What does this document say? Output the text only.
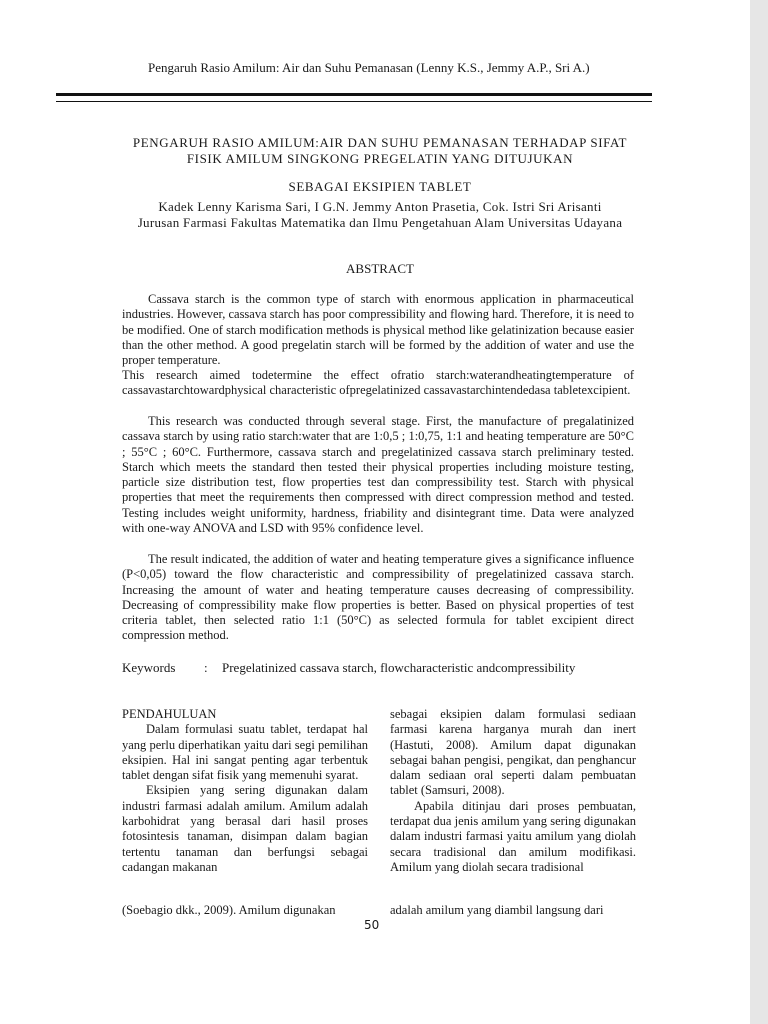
Pengaruh Rasio Amilum: Air dan Suhu Pemanasan (Lenny K.S., Jemmy A.P., Sri A.)
PENGARUH RASIO AMILUM:AIR DAN SUHU PEMANASAN TERHADAP SIFAT FISIK AMILUM SINGKONG PREGELATIN YANG DITUJUKAN
SEBAGAI EKSIPIEN TABLET
Kadek Lenny Karisma Sari, I G.N. Jemmy Anton Prasetia, Cok. Istri Sri Arisanti
Jurusan Farmasi Fakultas Matematika dan Ilmu Pengetahuan Alam Universitas Udayana
ABSTRACT
Cassava starch is the common type of starch with enormous application in pharmaceutical industries. However, cassava starch has poor compressibility and flowing hard. Therefore, it is need to be modified. One of starch modification methods is physical method like gelatinization because easier than the other method. A good pregelatin starch will be formed by the addition of water and use the proper temperature.
This research aimed todetermine the effect ofratio starch:waterandheatingtemperature of cassavastarchtowardphysical characteristic ofpregelatinized cassavastarchintendedasa tabletexcipient.
This research was conducted through several stage. First, the manufacture of pregalatinized cassava starch by using ratio starch:water that are 1:0,5 ; 1:0,75, 1:1 and heating temperature are 50°C ; 55°C ; 60°C. Furthermore, cassava starch and pregelatinized cassava starch preliminary tested. Starch which meets the standard then tested their physical properties including moisture testing, particle size distribution test, flow properties test dan compressibility test. Starch with physical properties that meet the requirements then compressed with direct compression method and tested. Testing includes weight uniformity, hardness, friability and disintegrant time. Data were analyzed with one-way ANOVA and LSD with 95% confidence level.
The result indicated, the addition of water and heating temperature gives a significance influence (P<0,05) toward the flow characteristic and compressibility of pregelatinized cassava starch. Increasing the amount of water and heating temperature causes decreasing of compressibility. Decreasing of compressibility make flow properties is better. Based on physical properties of test criteria tablet, then selected ratio 1:1 (50°C) as selected formula for tablet excipient direct compression method.
Keywords : Pregelatinized cassava starch, flowcharacteristic andcompressibility
PENDAHULUAN
Dalam formulasi suatu tablet, terdapat hal yang perlu diperhatikan yaitu dari segi pemilihan eksipien. Hal ini sangat penting agar terbentuk tablet dengan sifat fisik yang memenuhi syarat.
Eksipien yang sering digunakan dalam industri farmasi adalah amilum. Amilum adalah karbohidrat yang berasal dari hasil proses fotosintesis tanaman, disimpan dalam bagian tertentu tanaman dan berfungsi sebagai cadangan makanan
sebagai eksipien dalam formulasi sediaan farmasi karena harganya murah dan inert (Hastuti, 2008). Amilum dapat digunakan sebagai bahan pengisi, pengikat, dan penghancur dalam sediaan oral seperti dalam pembuatan tablet (Samsuri, 2008).
Apabila ditinjau dari proses pembuatan, terdapat dua jenis amilum yang sering digunakan dalam industri farmasi yaitu amilum yang diolah secara tradisional dan amilum modifikasi. Amilum yang diolah secara tradisional
(Soebagio dkk., 2009). Amilum digunakan	adalah amilum yang diambil langsung dari
50
